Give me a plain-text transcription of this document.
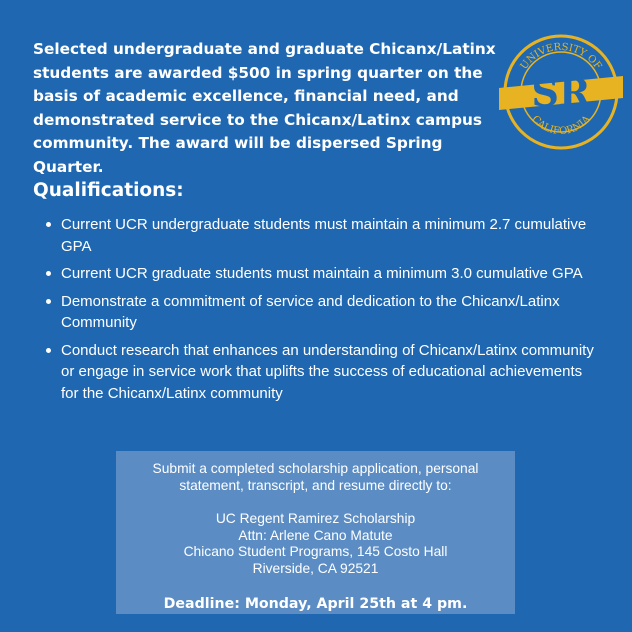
Selected undergraduate and graduate Chicanx/Latinx students are awarded $500 in spring quarter on the basis of academic excellence, financial need, and demonstrated service to the Chicanx/Latinx campus community. The award will be dispersed Spring Quarter.

UNIVERSITY OF
CALIFORNIA
SR
Qualifications:
Current UCR undergraduate students must maintain a minimum 2.7 cumulative GPA
Current UCR graduate students must maintain a minimum 3.0 cumulative GPA
Demonstrate a commitment of service and dedication to the Chicanx/Latinx Community
Conduct research that enhances an understanding of Chicanx/Latinx community or engage in service work that uplifts the success of educational achievements for the Chicanx/Latinx community

Submit a completed scholarship application, personal statement, transcript, and resume directly to:

UC Regent Ramirez Scholarship
Attn: Arlene Cano Matute
Chicano Student Programs, 145 Costo Hall
Riverside, CA 92521
Deadline: Monday, April 25th at 4 pm.
